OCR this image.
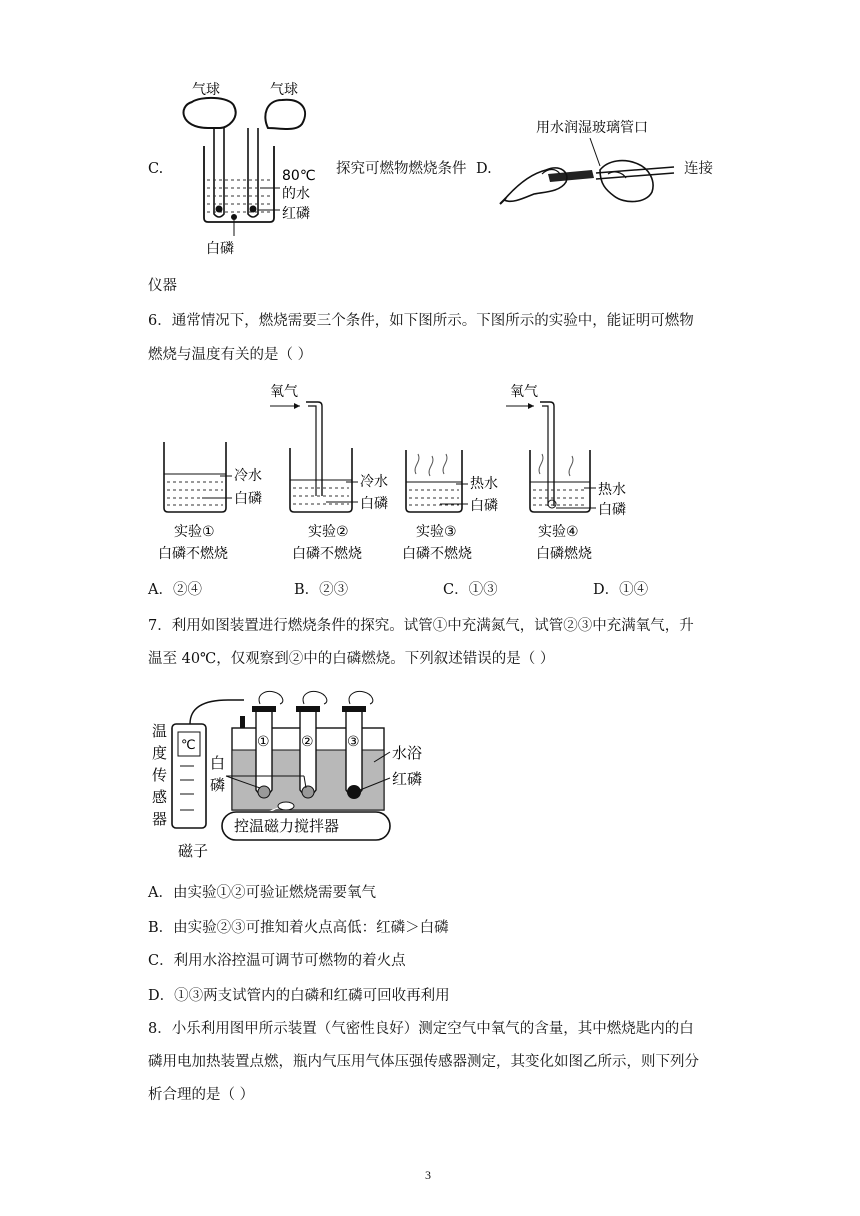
C.
气球	气球
80℃
的水
红磷
白磷
探究可燃物燃烧条件 D.
用水润湿玻璃管口
连接
仪器
6．通常情况下，燃烧需要三个条件，如下图所示。下图所示的实验中，能证明可燃物
燃烧与温度有关的是（ ）
冷水
白磷
实验①
白磷不燃烧
氧气
冷水
白磷
实验②
白磷不燃烧
热水
白磷
实验③
白磷不燃烧
氧气
热水
白磷
实验④
白磷燃烧
A．②④	B．②③	C．①③	D．①④
7．利用如图装置进行燃烧条件的探究。试管①中充满氮气，试管②③中充满氧气，升
温至 40℃，仅观察到②中的白磷燃烧。下列叙述错误的是（ ）
℃
温
度
传
感
器
① ② ③
白
磷
水浴
红磷
控温磁力搅拌器
磁子
A．由实验①②可验证燃烧需要氧气
B．由实验②③可推知着火点高低：红磷＞白磷
C．利用水浴控温可调节可燃物的着火点
D．①③两支试管内的白磷和红磷可回收再利用
8．小乐利用图甲所示装置（气密性良好）测定空气中氧气的含量，其中燃烧匙内的白
磷用电加热装置点燃，瓶内气压用气体压强传感器测定，其变化如图乙所示，则下列分
析合理的是（ ）
3
